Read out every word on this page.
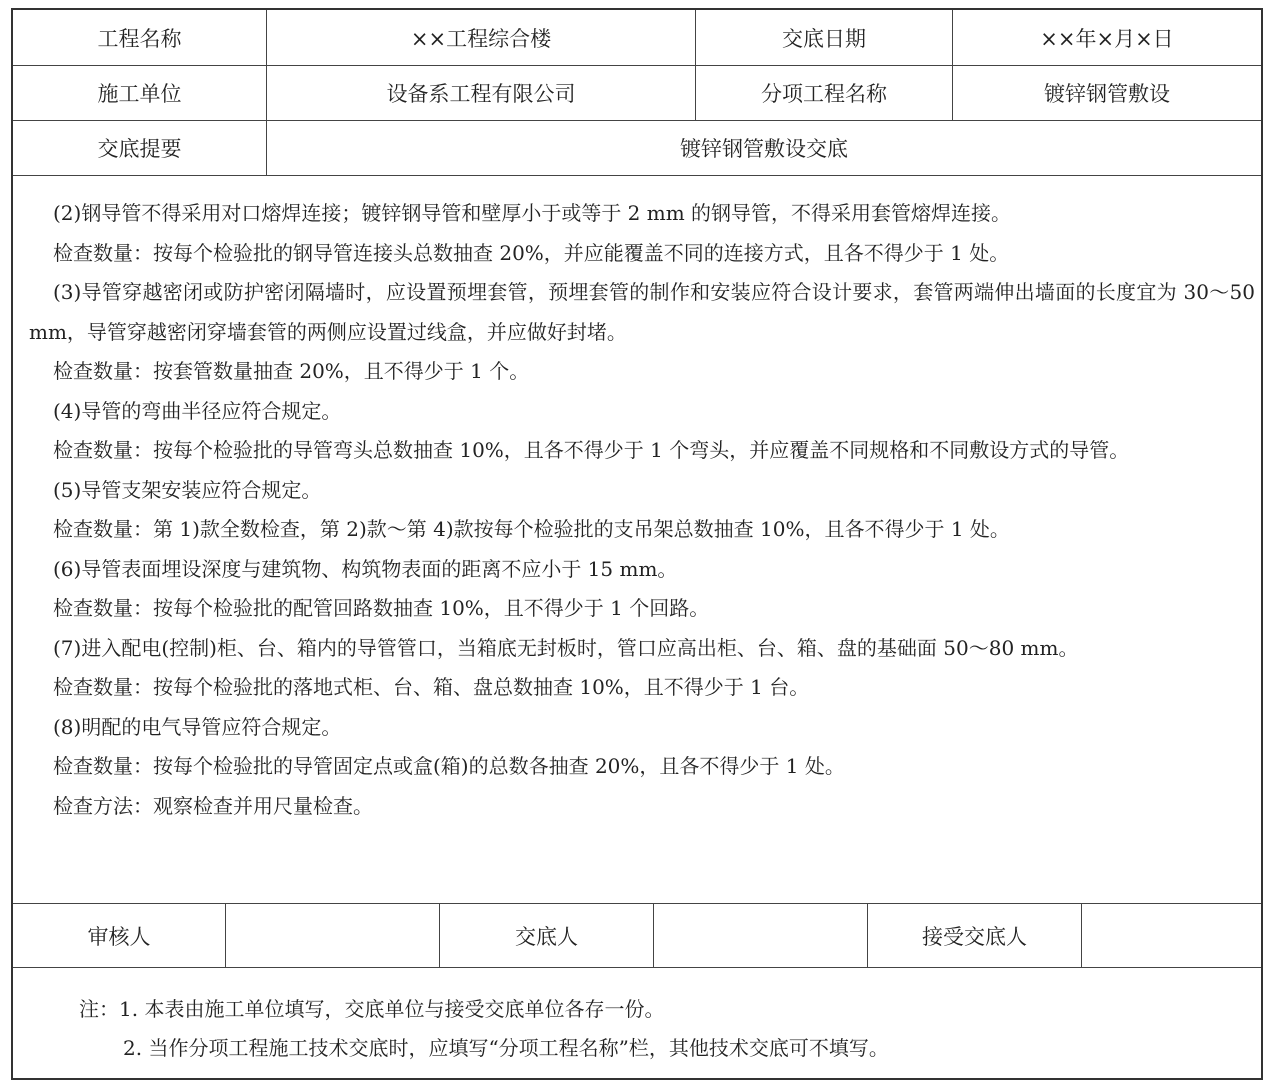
工程名称	××工程综合楼	交底日期	××年×月×日
施工单位	设备系工程有限公司	分项工程名称	镀锌钢管敷设
交底提要	镀锌钢管敷设交底

(2)钢导管不得采用对口熔焊连接；镀锌钢导管和壁厚小于或等于 2 mm 的钢导管，不得采用套管熔焊连接。

检查数量：按每个检验批的钢导管连接头总数抽查 20%，并应能覆盖不同的连接方式，且各不得少于 1 处。

(3)导管穿越密闭或防护密闭隔墙时，应设置预埋套管，预埋套管的制作和安装应符合设计要求，套管两端伸出墙面的长度宜为 30～50 mm，导管穿越密闭穿墙套管的两侧应设置过线盒，并应做好封堵。

检查数量：按套管数量抽查 20%，且不得少于 1 个。

(4)导管的弯曲半径应符合规定。

检查数量：按每个检验批的导管弯头总数抽查 10%，且各不得少于 1 个弯头，并应覆盖不同规格和不同敷设方式的导管。

(5)导管支架安装应符合规定。

检查数量：第 1)款全数检查，第 2)款～第 4)款按每个检验批的支吊架总数抽查 10%，且各不得少于 1 处。

(6)导管表面埋设深度与建筑物、构筑物表面的距离不应小于 15 mm。

检查数量：按每个检验批的配管回路数抽查 10%，且不得少于 1 个回路。

(7)进入配电(控制)柜、台、箱内的导管管口，当箱底无封板时，管口应高出柜、台、箱、盘的基础面 50～80 mm。

检查数量：按每个检验批的落地式柜、台、箱、盘总数抽查 10%，且不得少于 1 台。

(8)明配的电气导管应符合规定。

检查数量：按每个检验批的导管固定点或盒(箱)的总数各抽查 20%，且各不得少于 1 处。

检查方法：观察检查并用尺量检查。

审核人	交底人	接受交底人

注：1. 本表由施工单位填写，交底单位与接受交底单位各存一份。

2. 当作分项工程施工技术交底时，应填写“分项工程名称”栏，其他技术交底可不填写。
